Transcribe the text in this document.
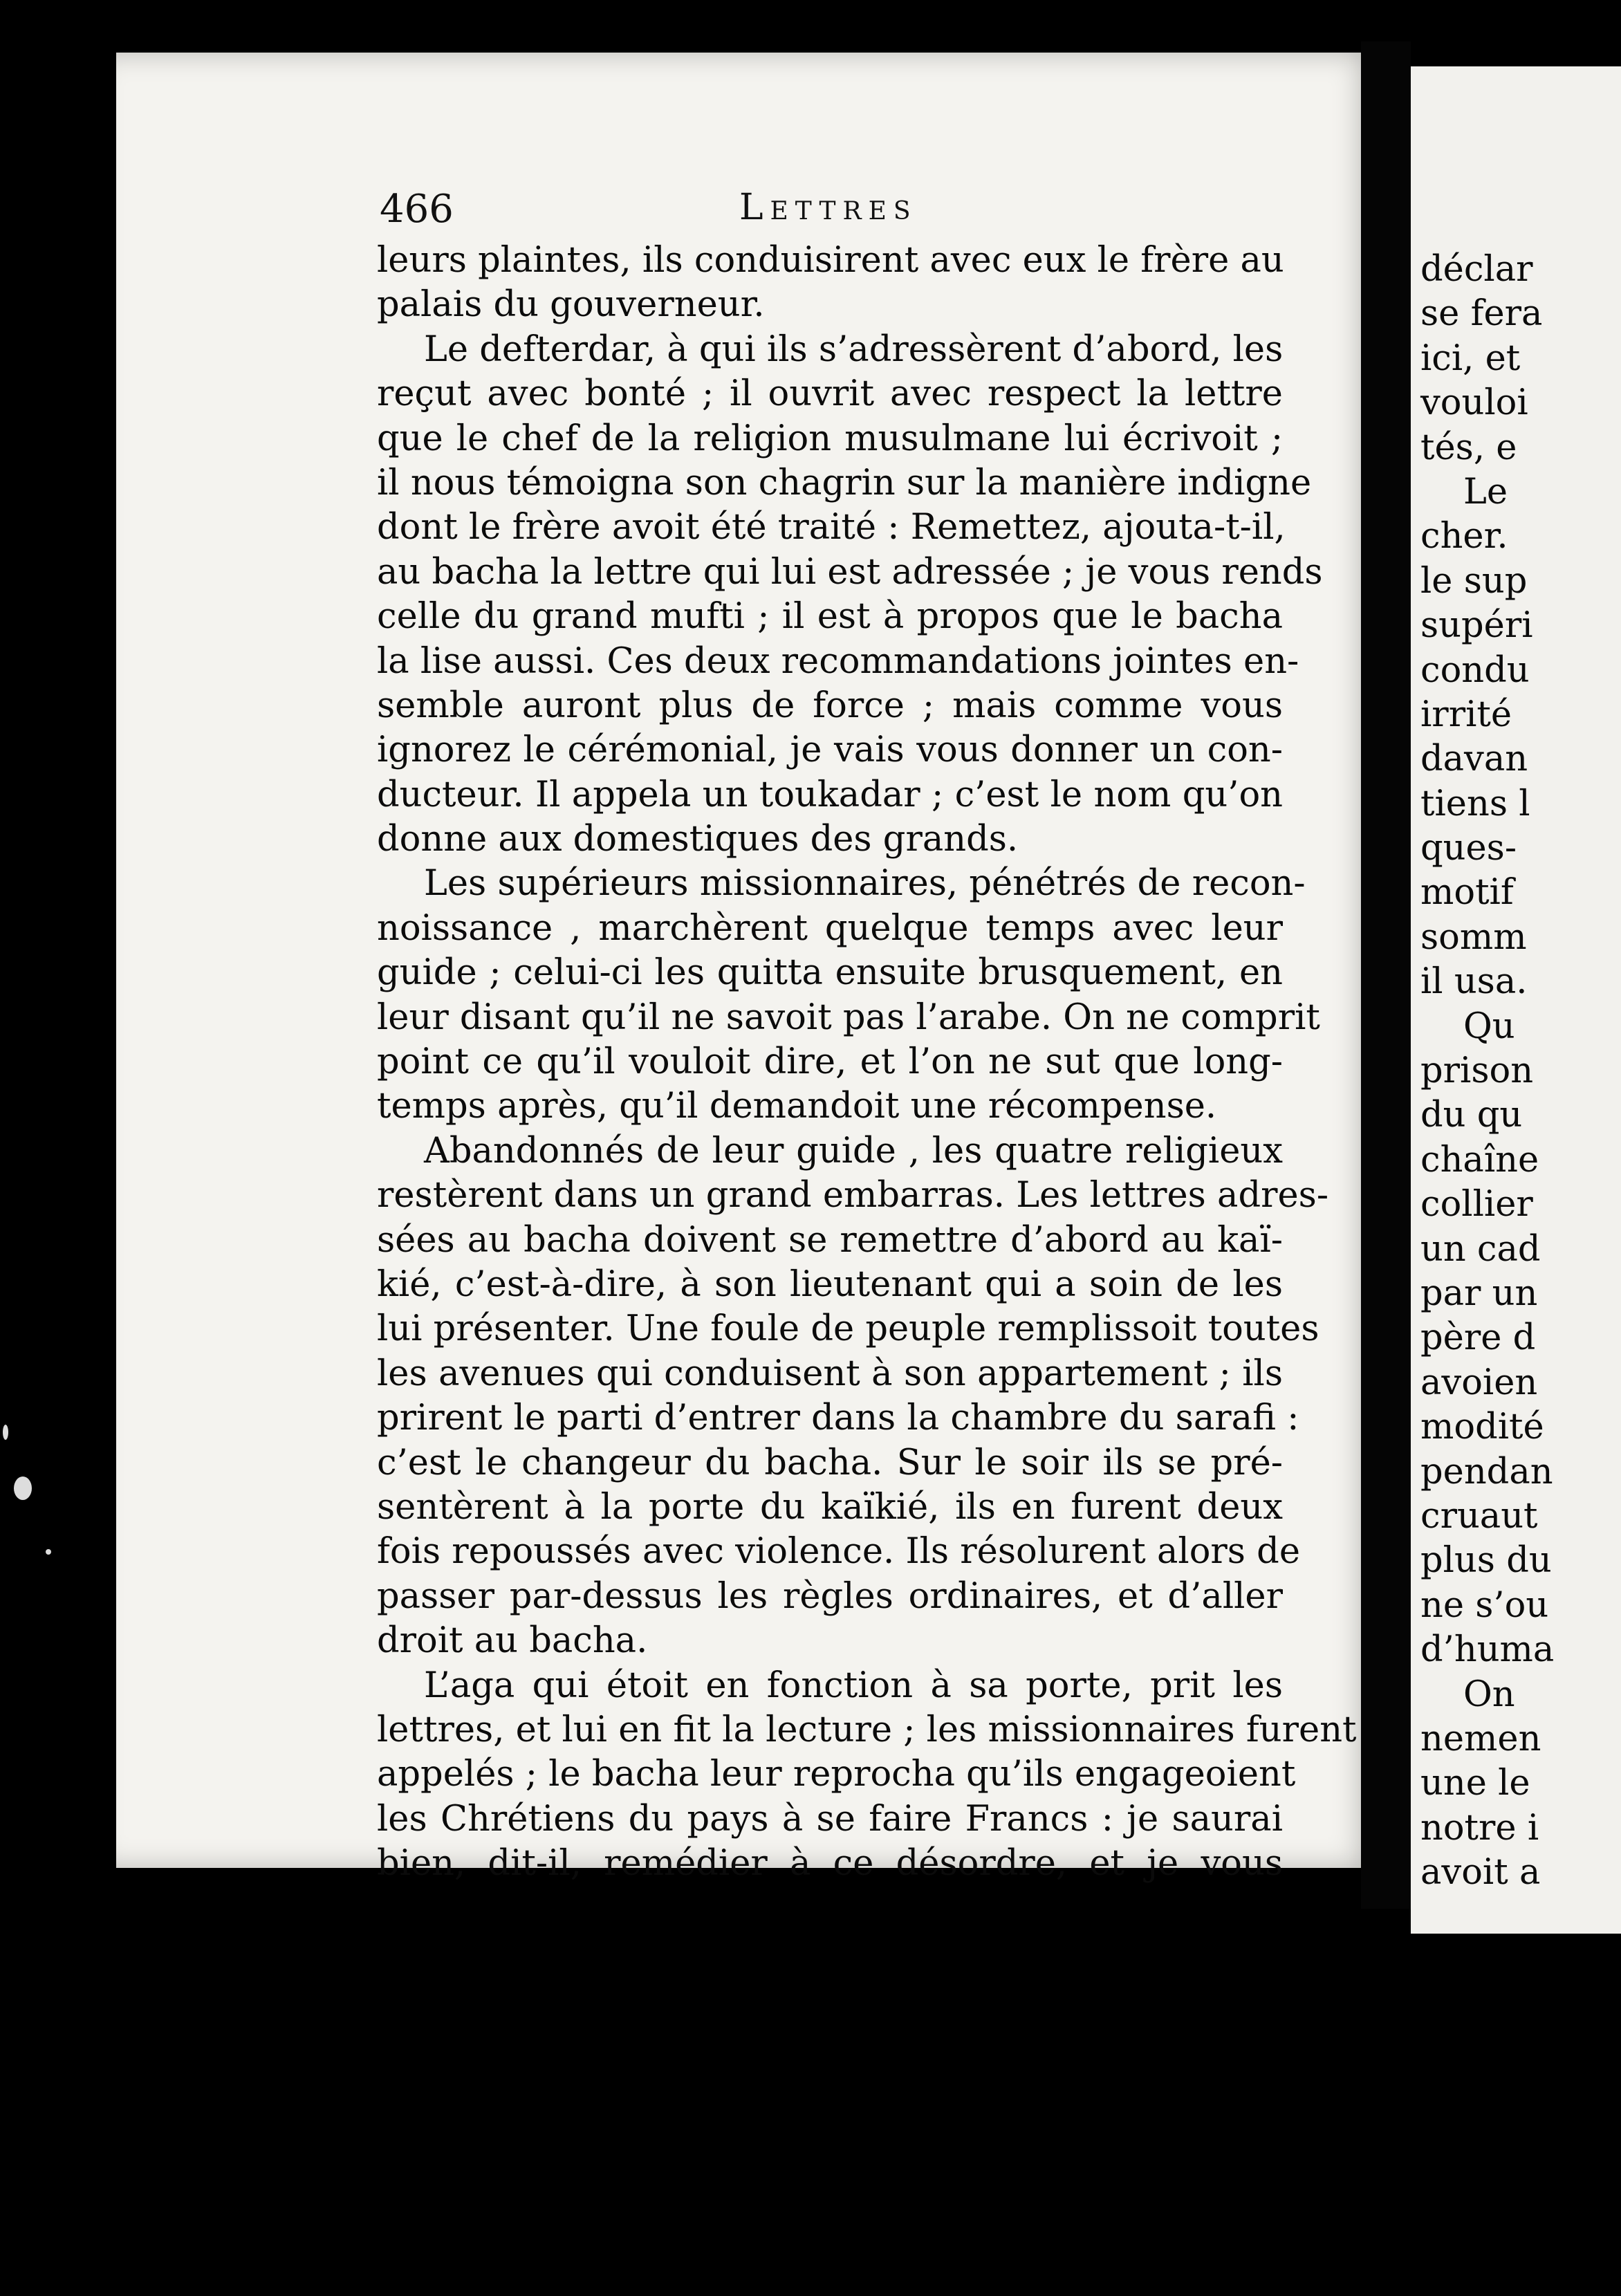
466	Lettres
leurs plaintes, ils conduisirent avec eux le frère au
palais du gouverneur.
Le defterdar, à qui ils s’adressèrent d’abord, les
reçut avec bonté ; il ouvrit avec respect la lettre
que le chef de la religion musulmane lui écrivoit ;
il nous témoigna son chagrin sur la manière indigne
dont le frère avoit été traité : Remettez, ajouta-t-il,
au bacha la lettre qui lui est adressée ; je vous rends
celle du grand mufti ; il est à propos que le bacha
la lise aussi. Ces deux recommandations jointes en-
semble auront plus de force ; mais comme vous
ignorez le cérémonial, je vais vous donner un con-
ducteur. Il appela un toukadar ; c’est le nom qu’on
donne aux domestiques des grands.
Les supérieurs missionnaires, pénétrés de recon-
noissance , marchèrent quelque temps avec leur
guide ; celui-ci les quitta ensuite brusquement, en
leur disant qu’il ne savoit pas l’arabe. On ne comprit
point ce qu’il vouloit dire, et l’on ne sut que long-
temps après, qu’il demandoit une récompense.
Abandonnés de leur guide , les quatre religieux
restèrent dans un grand embarras. Les lettres adres-
sées au bacha doivent se remettre d’abord au kaï-
kié, c’est-à-dire, à son lieutenant qui a soin de les
lui présenter. Une foule de peuple remplissoit toutes
les avenues qui conduisent à son appartement ; ils
prirent le parti d’entrer dans la chambre du sarafi :
c’est le changeur du bacha. Sur le soir ils se pré-
sentèrent à la porte du kaïkié, ils en furent deux
fois repoussés avec violence. Ils résolurent alors de
passer par-dessus les règles ordinaires, et d’aller
droit au bacha.
L’aga qui étoit en fonction à sa porte, prit les
lettres, et lui en fit la lecture ; les missionnaires furent
appelés ; le bacha leur reprocha qu’ils engageoient
les Chrétiens du pays à se faire Francs : je saurai
bien, dit-il, remédier à ce désordre, et je vous
déclar
se fera
ici, et
vouloi
tés, e
Le
cher.
le sup
supéri
condu
irrité
davan
tiens l
ques-
motif
somm
il usa.
Qu
prison
du qu
chaîne
collier
un cad
par un
père d
avoien
modité
pendan
cruaut
plus du
ne s’ou
d’huma
On
nemen
une le
notre i
avoit a
